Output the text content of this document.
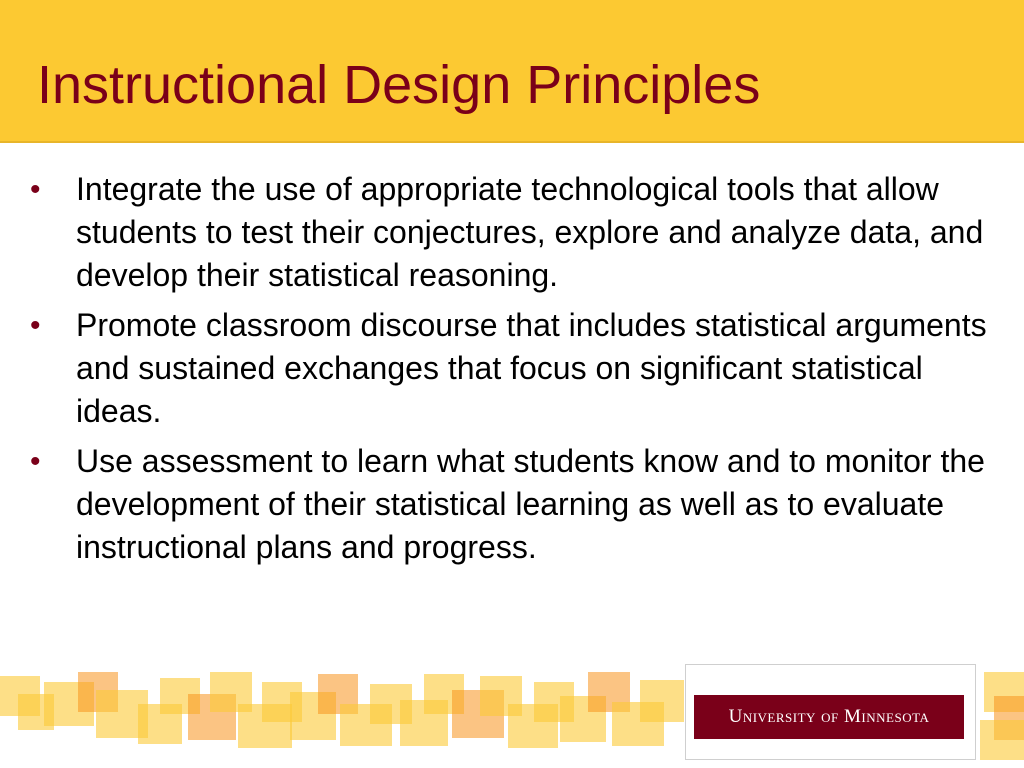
Instructional Design Principles
• Integrate the use of appropriate technological tools that allow students to test their conjectures, explore and analyze data, and develop their statistical reasoning.
• Promote classroom discourse that includes statistical arguments and sustained exchanges that focus on significant statistical ideas.
• Use assessment to learn what students know and to monitor the development of their statistical learning as well as to evaluate instructional plans and progress.
University of Minnesota
